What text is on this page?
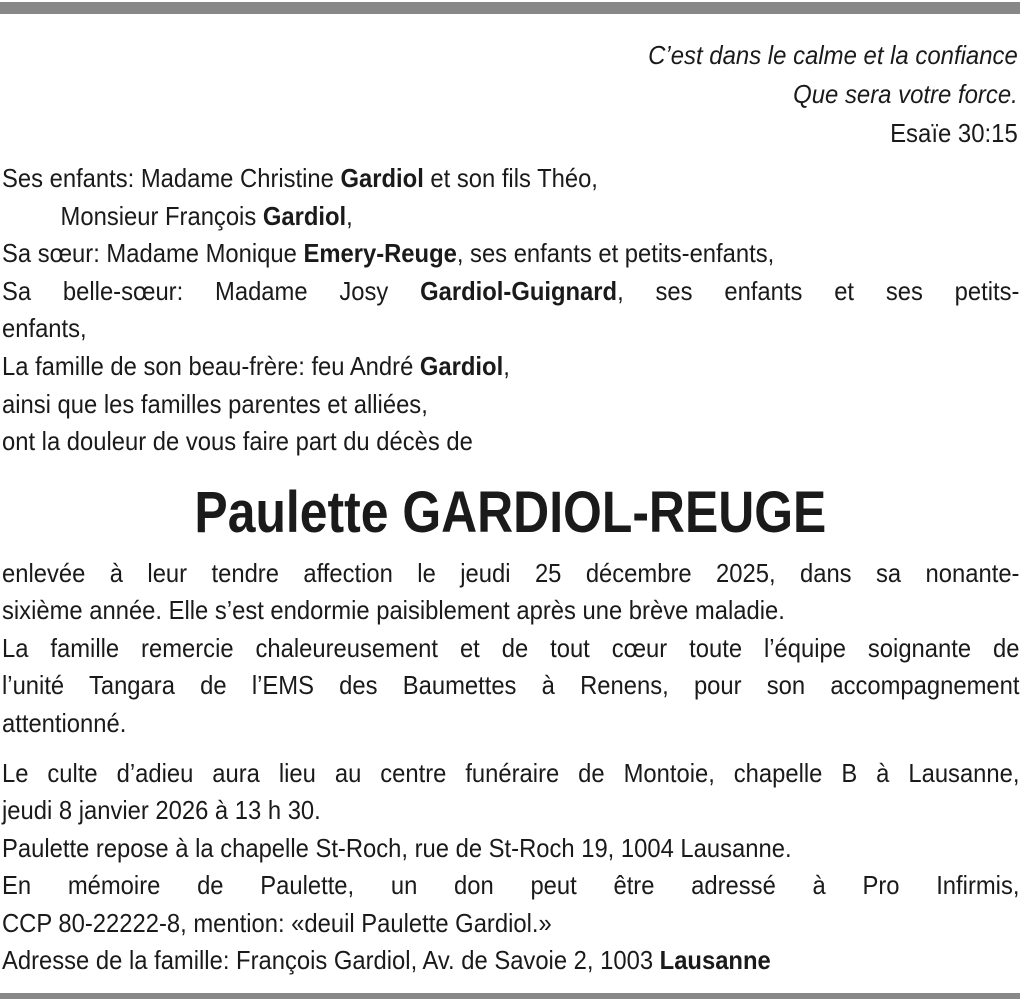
C’est dans le calme et la confiance
Que sera votre force.
Esaïe 30:15
Ses enfants: Madame Christine Gardiol et son fils Théo,
Monsieur François Gardiol,
Sa sœur: Madame Monique Emery-Reuge, ses enfants et petits-enfants,
Sa belle-sœur: Madame Josy Gardiol-Guignard, ses enfants et ses petits-
enfants,
La famille de son beau-frère: feu André Gardiol,
ainsi que les familles parentes et alliées,
ont la douleur de vous faire part du décès de
Paulette GARDIOL-REUGE
enlevée à leur tendre affection le jeudi 25 décembre 2025, dans sa nonante-
sixième année. Elle s’est endormie paisiblement après une brève maladie.
La famille remercie chaleureusement et de tout cœur toute l’équipe soignante de
l’unité Tangara de l’EMS des Baumettes à Renens, pour son accompagnement
attentionné.
Le culte d’adieu aura lieu au centre funéraire de Montoie, chapelle B à Lausanne,
jeudi 8 janvier 2026 à 13 h 30.
Paulette repose à la chapelle St-Roch, rue de St-Roch 19, 1004 Lausanne.
En mémoire de Paulette, un don peut être adressé à Pro Infirmis,
CCP 80-22222-8, mention: «deuil Paulette Gardiol.»
Adresse de la famille: François Gardiol, Av. de Savoie 2, 1003 Lausanne
